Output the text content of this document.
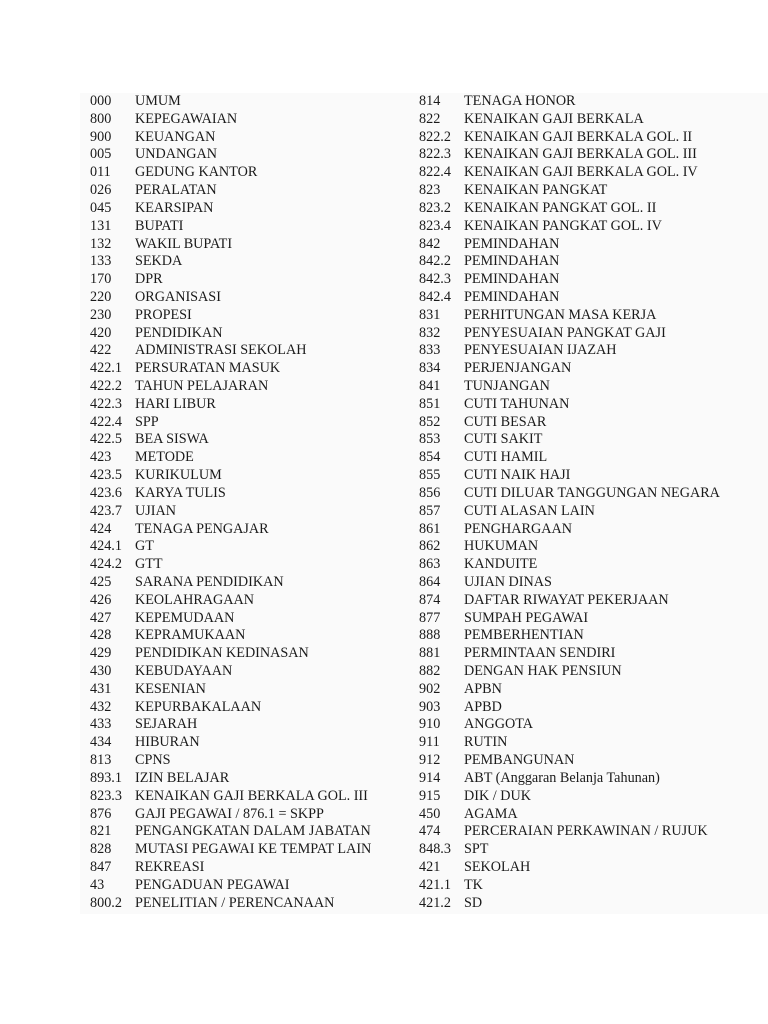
000 UMUM
800 KEPEGAWAIAN
900 KEUANGAN
005 UNDANGAN
011 GEDUNG KANTOR
026 PERALATAN
045 KEARSIPAN
131 BUPATI
132 WAKIL BUPATI
133 SEKDA
170 DPR
220 ORGANISASI
230 PROPESI
420 PENDIDIKAN
422 ADMINISTRASI SEKOLAH
422.1 PERSURATAN MASUK
422.2 TAHUN PELAJARAN
422.3 HARI LIBUR
422.4 SPP
422.5 BEA SISWA
423 METODE
423.5 KURIKULUM
423.6 KARYA TULIS
423.7 UJIAN
424 TENAGA PENGAJAR
424.1 GT
424.2 GTT
425 SARANA PENDIDIKAN
426 KEOLAHRAGAAN
427 KEPEMUDAAN
428 KEPRAMUKAAN
429 PENDIDIKAN KEDINASAN
430 KEBUDAYAAN
431 KESENIAN
432 KEPURBAKALAAN
433 SEJARAH
434 HIBURAN
813 CPNS
893.1 IZIN BELAJAR
823.3 KENAIKAN GAJI BERKALA GOL. III
876 GAJI PEGAWAI / 876.1 = SKPP
821 PENGANGKATAN DALAM JABATAN
828 MUTASI PEGAWAI KE TEMPAT LAIN
847 REKREASI
43 PENGADUAN PEGAWAI
800.2 PENELITIAN / PERENCANAAN
814 TENAGA HONOR
822 KENAIKAN GAJI BERKALA
822.2 KENAIKAN GAJI BERKALA GOL. II
822.3 KENAIKAN GAJI BERKALA GOL. III
822.4 KENAIKAN GAJI BERKALA GOL. IV
823 KENAIKAN PANGKAT
823.2 KENAIKAN PANGKAT GOL. II
823.4 KENAIKAN PANGKAT GOL. IV
842 PEMINDAHAN
842.2 PEMINDAHAN
842.3 PEMINDAHAN
842.4 PEMINDAHAN
831 PERHITUNGAN MASA KERJA
832 PENYESUAIAN PANGKAT GAJI
833 PENYESUAIAN IJAZAH
834 PERJENJANGAN
841 TUNJANGAN
851 CUTI TAHUNAN
852 CUTI BESAR
853 CUTI SAKIT
854 CUTI HAMIL
855 CUTI NAIK HAJI
856 CUTI DILUAR TANGGUNGAN NEGARA
857 CUTI ALASAN LAIN
861 PENGHARGAAN
862 HUKUMAN
863 KANDUITE
864 UJIAN DINAS
874 DAFTAR RIWAYAT PEKERJAAN
877 SUMPAH PEGAWAI
888 PEMBERHENTIAN
881 PERMINTAAN SENDIRI
882 DENGAN HAK PENSIUN
902 APBN
903 APBD
910 ANGGOTA
911 RUTIN
912 PEMBANGUNAN
914 ABT (Anggaran Belanja Tahunan)
915 DIK / DUK
450 AGAMA
474 PERCERAIAN PERKAWINAN / RUJUK
848.3 SPT
421 SEKOLAH
421.1 TK
421.2 SD
